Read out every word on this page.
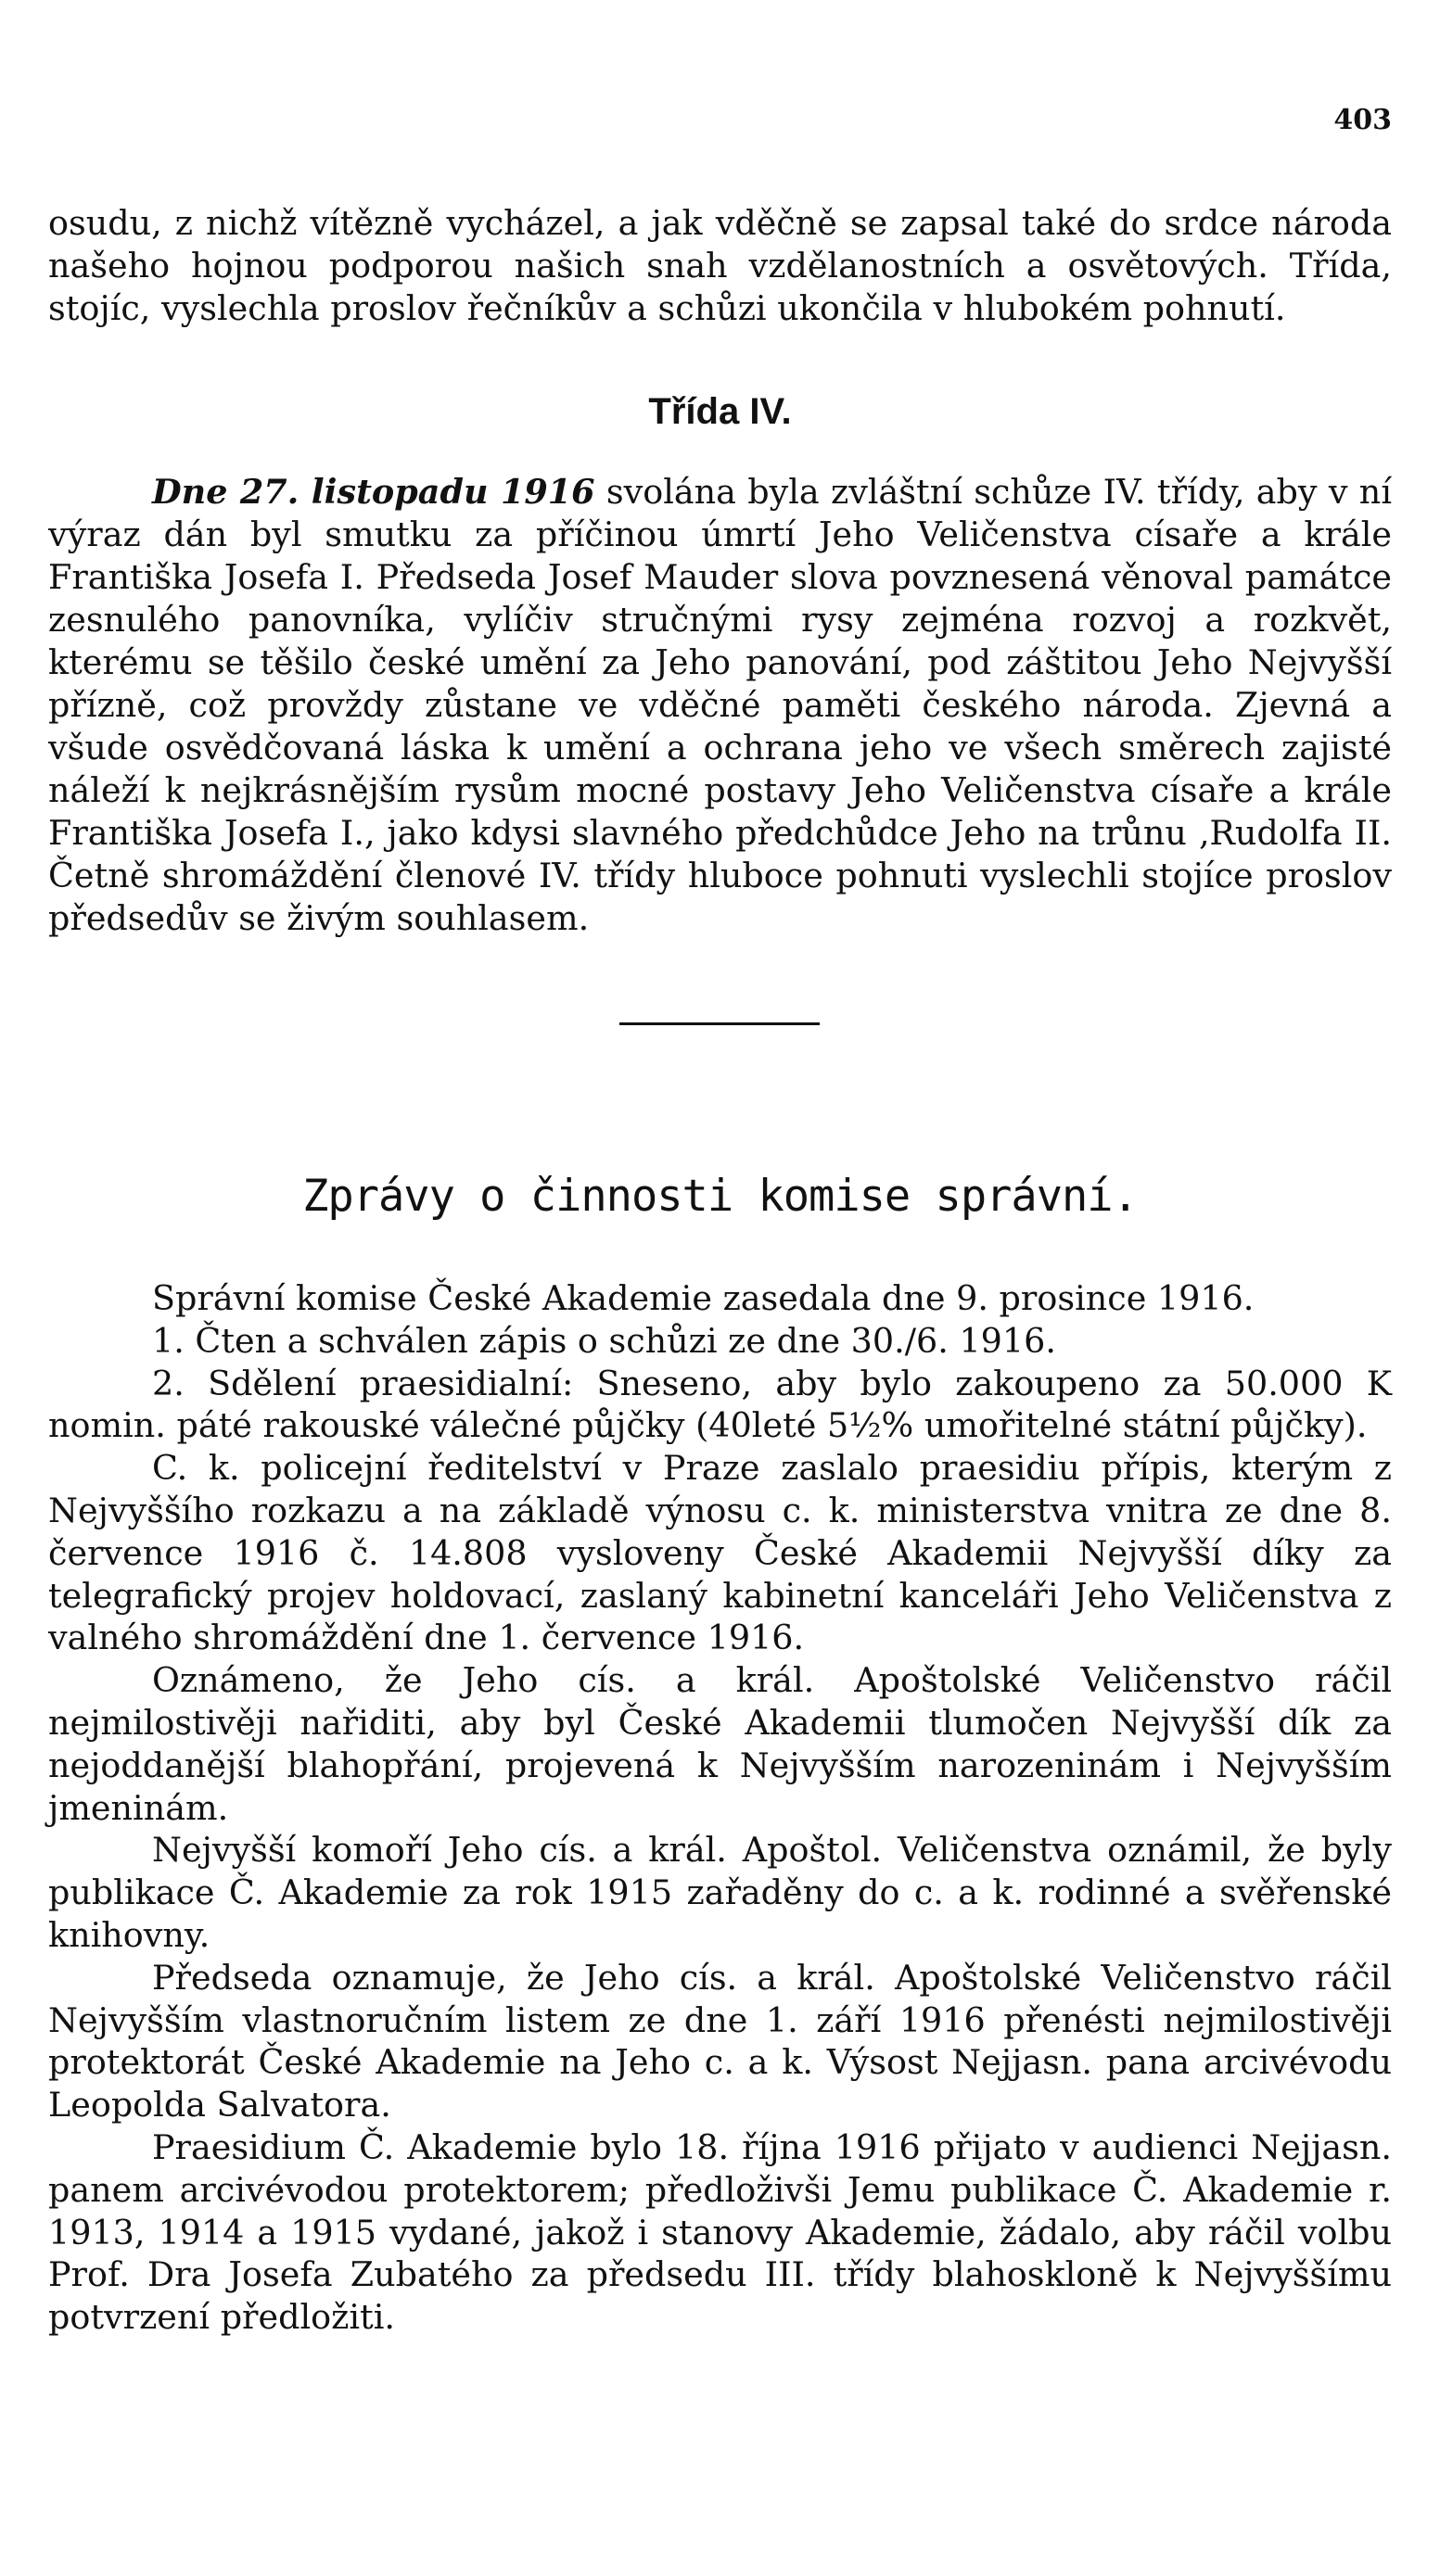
403

osudu, z nichž vítězně vycházel, a jak vděčně se zapsal také do srdce národa našeho hojnou podporou našich snah vzdělanostních a osvětových. Třída, stojíc, vyslechla proslov řečníkův a schůzi ukončila v hlubokém pohnutí.

Třída IV.

Dne 27. listopadu 1916 svolána byla zvláštní schůze IV. třídy, aby v ní výraz dán byl smutku za příčinou úmrtí Jeho Veličenstva císaře a krále Františka Josefa I. Předseda Josef Mauder slova povznesená věnoval památce zesnulého panovníka, vylíčiv stručnými rysy zejména rozvoj a rozkvět, kterému se těšilo české umění za Jeho panování, pod záštitou Jeho Nejvyšší přízně, což provždy zůstane ve vděčné paměti českého národa. Zjevná a všude osvědčovaná láska k umění a ochrana jeho ve všech směrech zajisté náleží k nejkrásnějším rysům mocné postavy Jeho Veličenstva císaře a krále Františka Josefa I., jako kdysi slavného předchůdce Jeho na trůnu ‚Rudolfa II. Četně shromáždění členové IV. třídy hluboce pohnuti vyslechli stojíce proslov předsedův se živým souhlasem.

Zprávy o činnosti komise správní.

Správní komise České Akademie zasedala dne 9. prosince 1916.

1. Čten a schválen zápis o schůzi ze dne 30./6. 1916.

2. Sdělení praesidialní: Sneseno, aby bylo zakoupeno za 50.000 K nomin. páté rakouské válečné půjčky (40leté 5½% umořitelné státní půjčky).

C. k. policejní ředitelství v Praze zaslalo praesidiu přípis, kterým z Nejvyššího rozkazu a na základě výnosu c. k. ministerstva vnitra ze dne 8. července 1916 č. 14.808 vysloveny České Akademii Nejvyšší díky za telegrafický projev holdovací, zaslaný kabinetní kanceláři Jeho Veličenstva z valného shromáždění dne 1. července 1916.

Oznámeno, že Jeho cís. a král. Apoštolské Veličenstvo ráčil nejmilostivěji nařiditi, aby byl České Akademii tlumočen Nejvyšší dík za nejoddanější blahopřání, projevená k Nejvyšším narozeninám i Nejvyšším jmeninám.

Nejvyšší komoří Jeho cís. a král. Apoštol. Veličenstva oznámil, že byly publikace Č. Akademie za rok 1915 zařaděny do c. a k. rodinné a svěřenské knihovny.

Předseda oznamuje, že Jeho cís. a král. Apoštolské Veličenstvo ráčil Nejvyšším vlastnoručním listem ze dne 1. září 1916 přenésti nejmilostivěji protektorát České Akademie na Jeho c. a k. Výsost Nejjasn. pana arcivévodu Leopolda Salvatora.

Praesidium Č. Akademie bylo 18. října 1916 přijato v audienci Nejjasn. panem arcivévodou protektorem; předloživši Jemu publikace Č. Akademie r. 1913, 1914 a 1915 vydané, jakož i stanovy Akademie, žádalo, aby ráčil volbu Prof. Dra Josefa Zubatého za předsedu III. třídy blahoskloně k Nejvyššímu potvrzení předložiti.
